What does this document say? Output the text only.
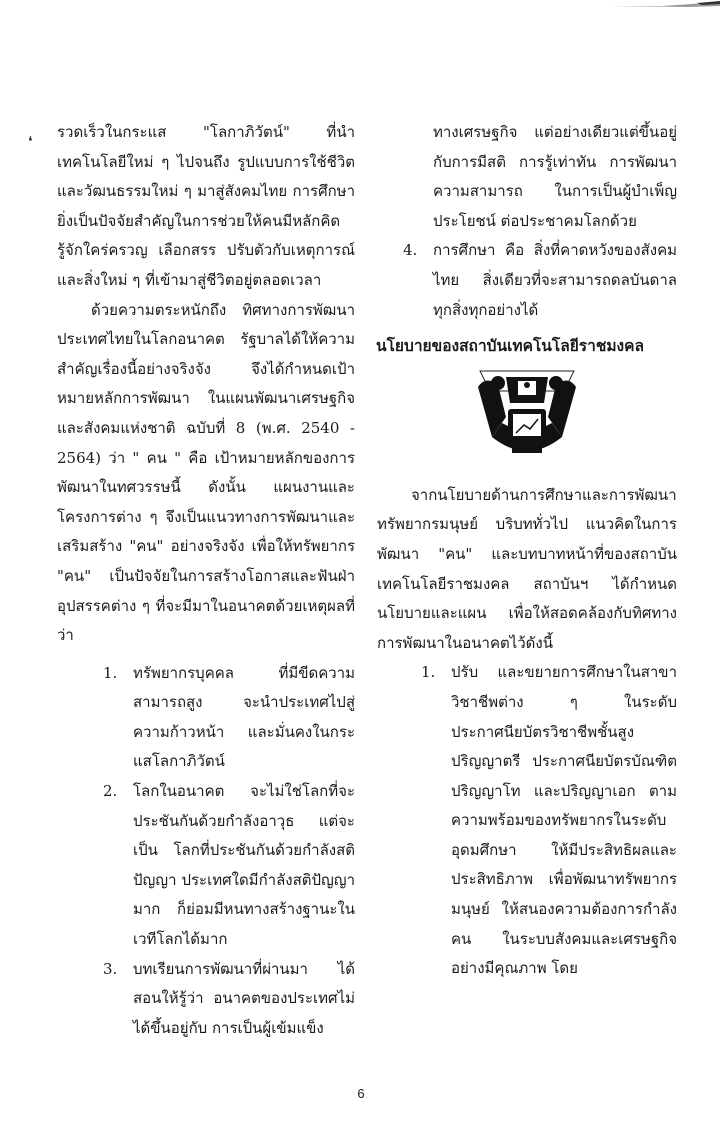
❛

รวดเร็วในกระแส "โลกาภิวัตน์" ที่นำเทคโนโลยีใหม่ ๆ ไปจนถึง รูปแบบการใช้ชีวิตและวัฒนธรรมใหม่ ๆ มาสู่สังคมไทย การศึกษายิ่งเป็นปัจจัยสำคัญในการช่วยให้คนมีหลักคิด รู้จักใคร่ครวญ เลือกสรร ปรับตัวกับเหตุการณ์และสิ่งใหม่ ๆ ที่เข้ามาสู่ชีวิตอยู่ตลอดเวลา

ด้วยความตระหนักถึง ทิศทางการพัฒนาประเทศไทยในโลกอนาคต รัฐบาลได้ให้ความสำคัญเรื่องนี้อย่างจริงจัง จึงได้กำหนดเป้าหมายหลักการพัฒนา ในแผนพัฒนาเศรษฐกิจและสังคมแห่งชาติ ฉบับที่ 8 (พ.ศ. 2540 - 2564) ว่า " คน " คือ เป้าหมายหลักของการพัฒนาในทศวรรษนี้ ดังนั้น แผนงานและโครงการต่าง ๆ จึงเป็นแนวทางการพัฒนาและเสริมสร้าง "คน" อย่างจริงจัง เพื่อให้ทรัพยากร "คน" เป็นปัจจัยในการสร้างโอกาสและฟันฝ่าอุปสรรคต่าง ๆ ที่จะมีมาในอนาคตด้วยเหตุผลที่ว่า

1. ทรัพยากรบุคคล ที่มีขีดความสามารถสูง จะนำประเทศไปสู่ความก้าวหน้า และมั่นคงในกระแสโลกาภิวัตน์
2. โลกในอนาคต จะไม่ใช่โลกที่จะประชันกันด้วยกำลังอาวุธ แต่จะเป็น โลกที่ประชันกันด้วยกำลังสติปัญญา ประเทศใดมีกำลังสติปัญญามาก ก็ย่อมมีหนทางสร้างฐานะในเวทีโลกได้มาก
3. บทเรียนการพัฒนาที่ผ่านมา ได้สอนให้รู้ว่า อนาคตของประเทศไม่ได้ขึ้นอยู่กับ การเป็นผู้เข้มแข็ง

ทางเศรษฐกิจ แต่อย่างเดียวแต่ขึ้นอยู่กับการมีสติ การรู้เท่าทัน การพัฒนาความสามารถ ในการเป็นผู้บำเพ็ญประโยชน์ ต่อประชาคมโลกด้วย

4. การศึกษา คือ สิ่งที่คาดหวังของสังคมไทย สิ่งเดียวที่จะสามารถดลบันดาล ทุกสิ่งทุกอย่างได้
นโยบายของสถาบันเทคโนโลยีราชมงคล

จากนโยบายด้านการศึกษาและการพัฒนาทรัพยากรมนุษย์ บริบททั่วไป แนวคิดในการพัฒนา "คน" และบทบาทหน้าที่ของสถาบันเทคโนโลยีราชมงคล สถาบันฯ ได้กำหนดนโยบายและแผน เพื่อให้สอดคล้องกับทิศทางการพัฒนาในอนาคตไว้ดังนี้

1. ปรับ และขยายการศึกษาในสาขาวิชาชีพต่าง ๆ ในระดับประกาศนียบัตรวิชาชีพชั้นสูง ปริญญาตรี ประกาศนียบัตรบัณฑิต ปริญญาโท และปริญญาเอก ตามความพร้อมของทรัพยากรในระดับอุดมศึกษา ให้มีประสิทธิผลและประสิทธิภาพ เพื่อพัฒนาทรัพยากรมนุษย์ ให้สนองความต้องการกำลังคน ในระบบสังคมและเศรษฐกิจอย่างมีคุณภาพ โดย
6
